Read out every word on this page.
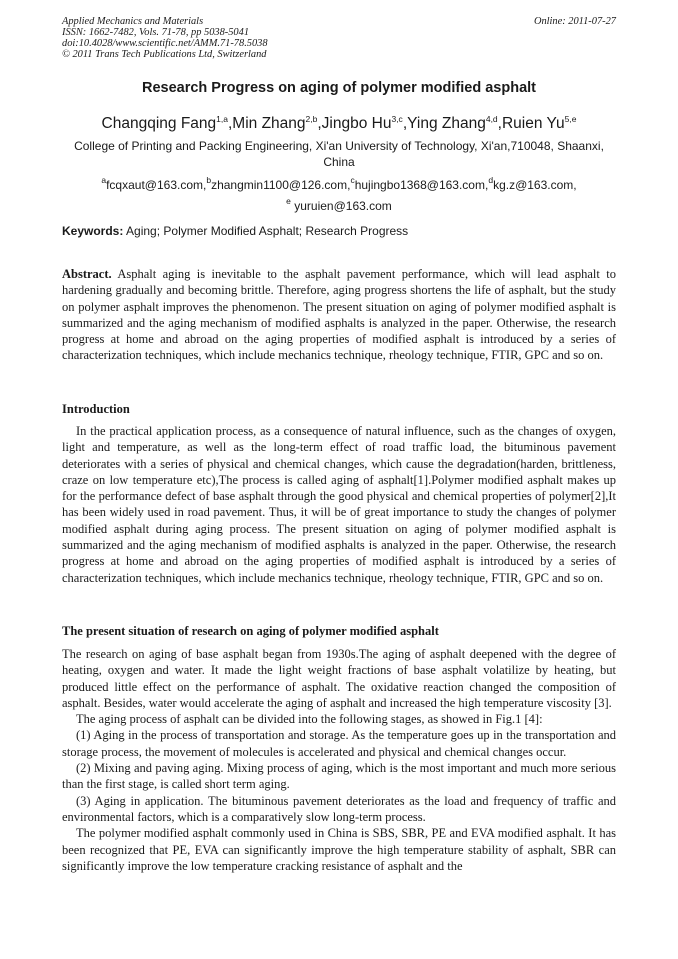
Applied Mechanics and Materials
ISSN: 1662-7482, Vols. 71-78, pp 5038-5041
doi:10.4028/www.scientific.net/AMM.71-78.5038
© 2011 Trans Tech Publications Ltd, Switzerland
Online: 2011-07-27
Research Progress on aging of polymer modified asphalt
Changqing Fang$^{1,a}$,Min Zhang$^{2,b}$,Jingbo Hu$^{3,c}$,Ying Zhang$^{4,d}$,Ruien Yu$^{5,e}$
College of Printing and Packing Engineering, Xi'an University of Technology, Xi'an,710048, Shaanxi, China
$^a$fcqxaut@163.com,$^b$zhangmin1100@126.com,$^c$hujingbo1368@163.com,$^d$kg.z@163.com,
$^e$ yuruien@163.com
Keywords: Aging; Polymer Modified Asphalt; Research Progress

Abstract. Asphalt aging is inevitable to the asphalt pavement performance, which will lead asphalt to hardening gradually and becoming brittle. Therefore, aging progress shortens the life of asphalt, but the study on polymer asphalt improves the phenomenon. The present situation on aging of polymer modified asphalt is summarized and the aging mechanism of modified asphalts is analyzed in the paper. Otherwise, the research progress at home and abroad on the aging properties of modified asphalt is introduced by a series of characterization techniques, which include mechanics technique, rheology technique, FTIR, GPC and so on.

Introduction

In the practical application process, as a consequence of natural influence, such as the changes of oxygen, light and temperature, as well as the long-term effect of road traffic load, the bituminous pavement deteriorates with a series of physical and chemical changes, which cause the degradation(harden, brittleness, craze on low temperature etc),The process is called aging of asphalt[1].Polymer modified asphalt makes up for the performance defect of base asphalt through the good physical and chemical properties of polymer[2],It has been widely used in road pavement. Thus, it will be of great importance to study the changes of polymer modified asphalt during aging process. The present situation on aging of polymer modified asphalt is summarized and the aging mechanism of modified asphalts is analyzed in the paper. Otherwise, the research progress at home and abroad on the aging properties of modified asphalt is introduced by a series of characterization techniques, which include mechanics technique, rheology technique, FTIR, GPC and so on.

The present situation of research on aging of polymer modified asphalt

The research on aging of base asphalt began from 1930s.The aging of asphalt deepened with the degree of heating, oxygen and water. It made the light weight fractions of base asphalt volatilize by heating, but produced little effect on the performance of asphalt. The oxidative reaction changed the composition of asphalt. Besides, water would accelerate the aging of asphalt and increased the high temperature viscosity [3].

The aging process of asphalt can be divided into the following stages, as showed in Fig.1 [4]:

(1) Aging in the process of transportation and storage. As the temperature goes up in the transportation and storage process, the movement of molecules is accelerated and physical and chemical changes occur.

(2) Mixing and paving aging. Mixing process of aging, which is the most important and much more serious than the first stage, is called short term aging.

(3) Aging in application. The bituminous pavement deteriorates as the load and frequency of traffic and environmental factors, which is a comparatively slow long-term process.

The polymer modified asphalt commonly used in China is SBS, SBR, PE and EVA modified asphalt. It has been recognized that PE, EVA can significantly improve the high temperature stability of asphalt, SBR can significantly improve the low temperature cracking resistance of asphalt and the
